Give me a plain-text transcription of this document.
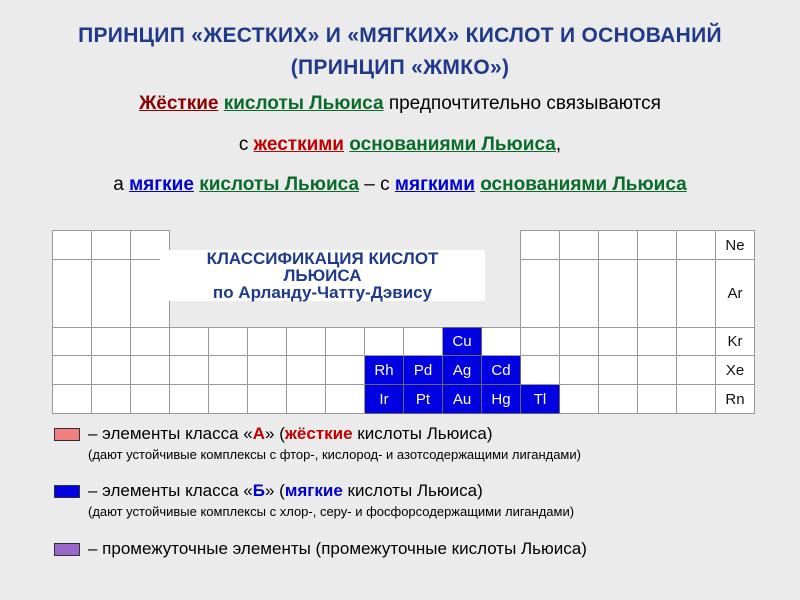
ПРИНЦИП «ЖЕСТКИХ» И «МЯГКИХ» КИСЛОТ И ОСНОВАНИЙ
(ПРИНЦИП «ЖМКО»)
Жёсткие кислоты Льюиса предпочтительно связываются
с жесткими основаниями Льюиса,
а мягкие кислоты Льюиса – с мягкими основаниями Льюиса
																	Ne
																	Ar
										Cu							Kr
								Rh	Pd	Ag	Cd						Xe
								Ir	Pt	Au	Hg	Tl					Rn
КЛАССИФИКАЦИЯ КИСЛОТ
ЛЬЮИСА
по Арланду-Чатту-Дэвису
– элементы класса «А» (жёсткие кислоты Льюиса)
(дают устойчивые комплексы с фтор-, кислород- и азотсодержащими лигандами)
– элементы класса «Б» (мягкие кислоты Льюиса)
(дают устойчивые комплексы с хлор-, серу- и фосфорсодержащими лигандами)
– промежуточные элементы (промежуточные кислоты Льюиса)
